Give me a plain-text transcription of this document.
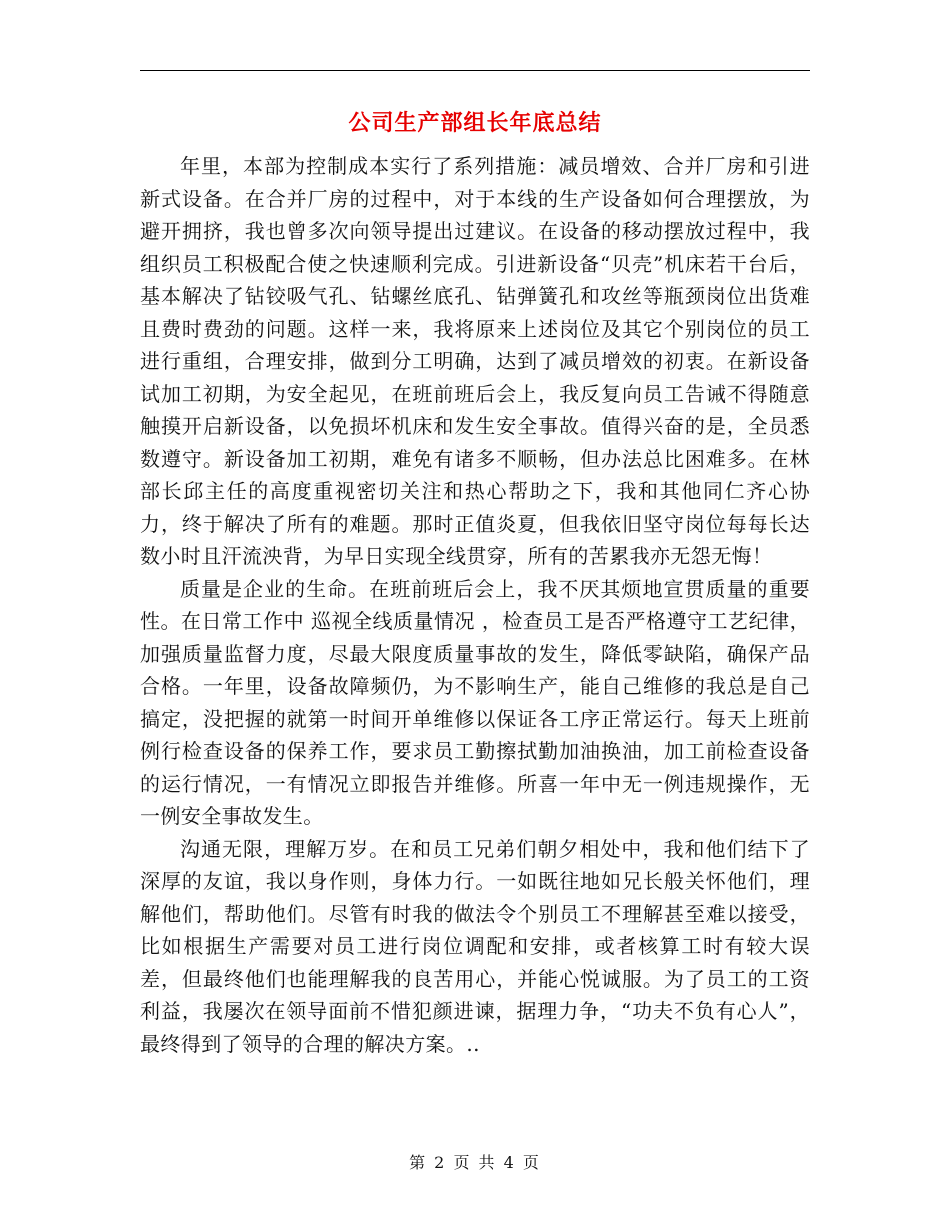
公司生产部组长年底总结

年里，本部为控制成本实行了系列措施：减员增效、合并厂房和引进新式设备。在合并厂房的过程中，对于本线的生产设备如何合理摆放，为避开拥挤，我也曾多次向领导提出过建议。在设备的移动摆放过程中，我组织员工积极配合使之快速顺利完成。引进新设备“贝壳”机床若干台后，基本解决了钻铰吸气孔、钻螺丝底孔、钻弹簧孔和攻丝等瓶颈岗位出货难且费时费劲的问题。这样一来，我将原来上述岗位及其它个别岗位的员工进行重组，合理安排，做到分工明确，达到了减员增效的初衷。在新设备试加工初期，为安全起见，在班前班后会上，我反复向员工告诫不得随意触摸开启新设备，以免损坏机床和发生安全事故。值得兴奋的是，全员悉数遵守。新设备加工初期，难免有诸多不顺畅，但办法总比困难多。在林部长邱主任的高度重视密切关注和热心帮助之下，我和其他同仁齐心协力，终于解决了所有的难题。那时正值炎夏，但我依旧坚守岗位每每长达数小时且汗流泱背，为早日实现全线贯穿，所有的苦累我亦无怨无悔！

质量是企业的生命。在班前班后会上，我不厌其烦地宣贯质量的重要性。在日常工作中 巡视全线质量情况 ，检查员工是否严格遵守工艺纪律，加强质量监督力度，尽最大限度质量事故的发生，降低零缺陷，确保产品合格。一年里，设备故障频仍，为不影响生产，能自己维修的我总是自己搞定，没把握的就第一时间开单维修以保证各工序正常运行。每天上班前例行检查设备的保养工作，要求员工勤擦拭勤加油换油，加工前检查设备的运行情况，一有情况立即报告并维修。所喜一年中无一例违规操作，无一例安全事故发生。

沟通无限，理解万岁。在和员工兄弟们朝夕相处中，我和他们结下了深厚的友谊，我以身作则，身体力行。一如既往地如兄长般关怀他们，理解他们，帮助他们。尽管有时我的做法令个别员工不理解甚至难以接受，比如根据生产需要对员工进行岗位调配和安排，或者核算工时有较大误差，但最终他们也能理解我的良苦用心，并能心悦诚服。为了员工的工资利益，我屡次在领导面前不惜犯颜进谏，据理力争，“功夫不负有心人”，最终得到了领导的合理的解决方案。..

第 2 页 共 4 页
